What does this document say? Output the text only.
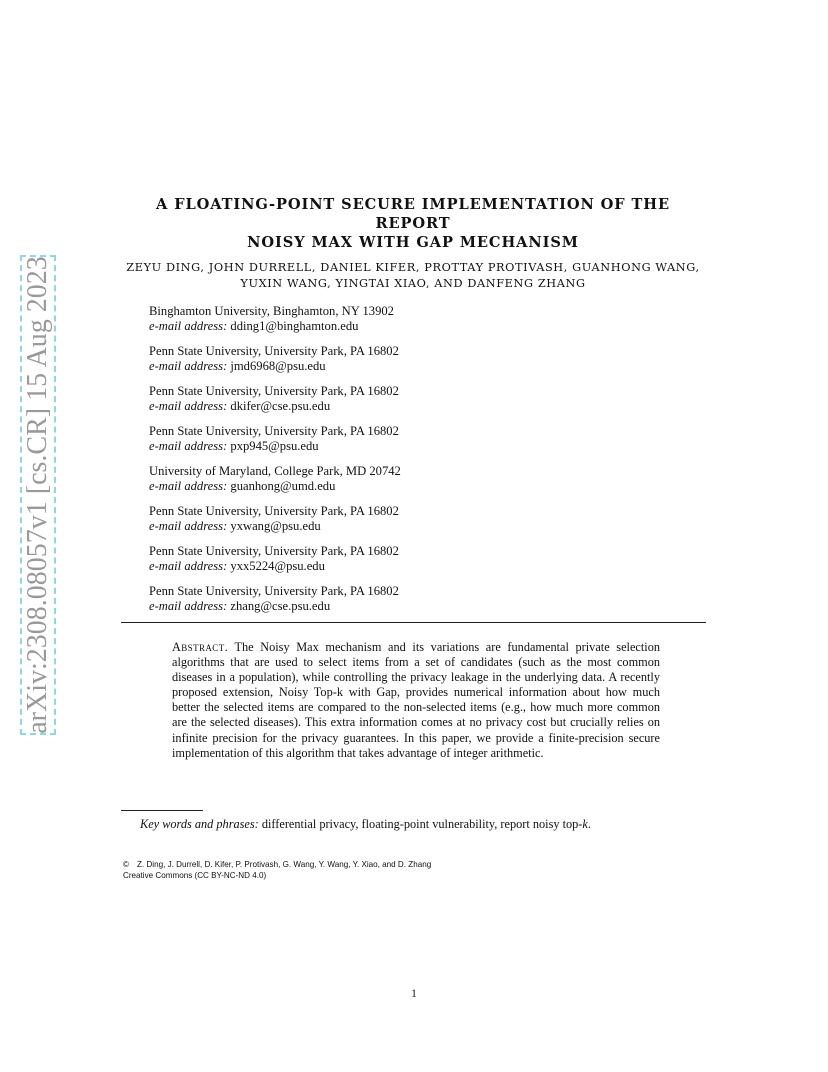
arXiv:2308.08057v1 [cs.CR] 15 Aug 2023
A FLOATING-POINT SECURE IMPLEMENTATION OF THE REPORT
NOISY MAX WITH GAP MECHANISM
ZEYU DING, JOHN DURRELL, DANIEL KIFER, PROTTAY PROTIVASH, GUANHONG WANG,
YUXIN WANG, YINGTAI XIAO, AND DANFENG ZHANG
Binghamton University, Binghamton, NY 13902
e-mail address: dding1@binghamton.edu
Penn State University, University Park, PA 16802
e-mail address: jmd6968@psu.edu
Penn State University, University Park, PA 16802
e-mail address: dkifer@cse.psu.edu
Penn State University, University Park, PA 16802
e-mail address: pxp945@psu.edu
University of Maryland, College Park, MD 20742
e-mail address: guanhong@umd.edu
Penn State University, University Park, PA 16802
e-mail address: yxwang@psu.edu
Penn State University, University Park, PA 16802
e-mail address: yxx5224@psu.edu
Penn State University, University Park, PA 16802
e-mail address: zhang@cse.psu.edu
Abstract. The Noisy Max mechanism and its variations are fundamental private selection algorithms that are used to select items from a set of candidates (such as the most common diseases in a population), while controlling the privacy leakage in the underlying data. A recently proposed extension, Noisy Top-k with Gap, provides numerical information about how much better the selected items are compared to the non-selected items (e.g., how much more common are the selected diseases). This extra information comes at no privacy cost but crucially relies on infinite precision for the privacy guarantees. In this paper, we provide a finite-precision secure implementation of this algorithm that takes advantage of integer arithmetic.
Key words and phrases: differential privacy, floating-point vulnerability, report noisy top-k.
© Z. Ding, J. Durrell, D. Kifer, P. Protivash, G. Wang, Y. Wang, Y. Xiao, and D. Zhang
Creative Commons (CC BY-NC-ND 4.0)
1
